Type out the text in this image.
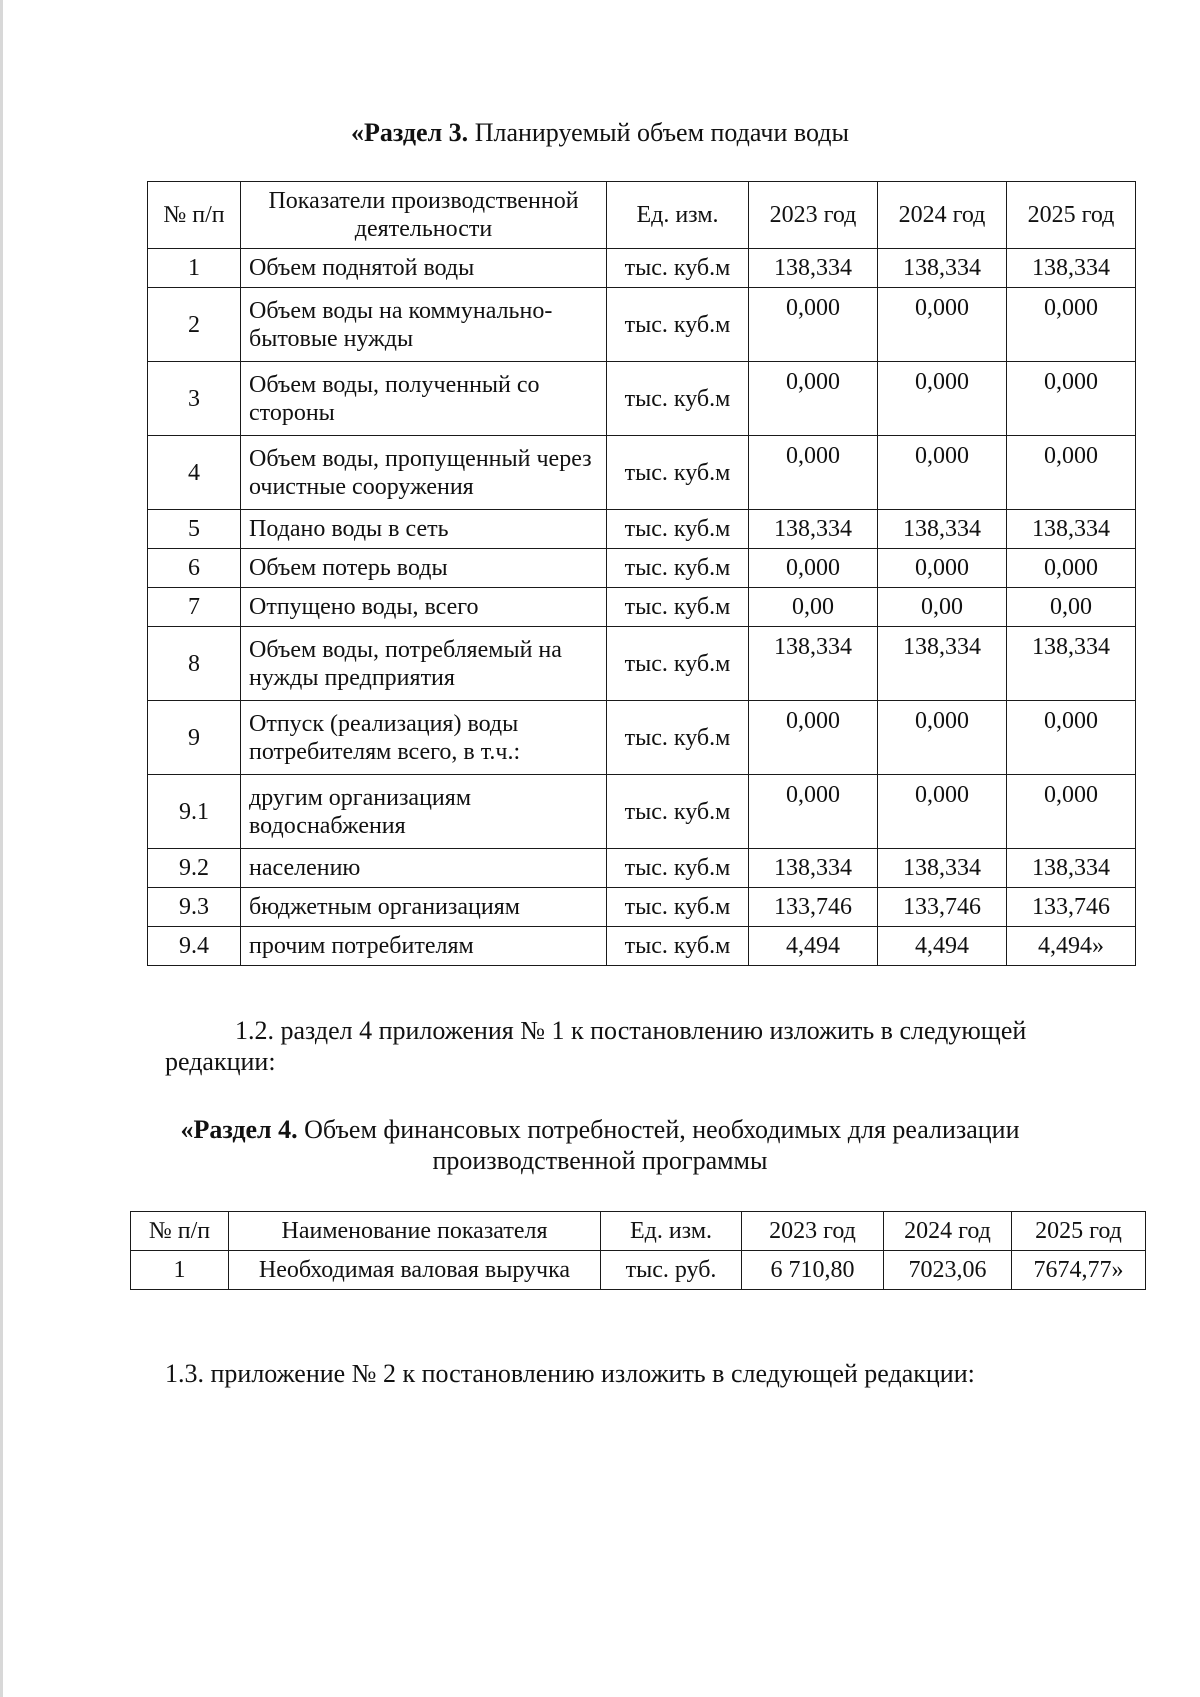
«Раздел 3. Планируемый объем подачи воды
№ п/п	Показатели производственной деятельности	Ед. изм.	2023 год	2024 год	2025 год
1	Объем поднятой воды	тыс. куб.м	138,334	138,334	138,334
2	Объем воды на коммунально-бытовые нужды	тыс. куб.м	0,000	0,000	0,000
3	Объем воды, полученный со стороны	тыс. куб.м	0,000	0,000	0,000
4	Объем воды, пропущенный через очистные сооружения	тыс. куб.м	0,000	0,000	0,000
5	Подано воды в сеть	тыс. куб.м	138,334	138,334	138,334
6	Объем потерь воды	тыс. куб.м	0,000	0,000	0,000
7	Отпущено воды, всего	тыс. куб.м	0,00	0,00	0,00
8	Объем воды, потребляемый на нужды предприятия	тыс. куб.м	138,334	138,334	138,334
9	Отпуск (реализация) воды потребителям всего, в т.ч.:	тыс. куб.м	0,000	0,000	0,000
9.1	другим организациям водоснабжения	тыс. куб.м	0,000	0,000	0,000
9.2	населению	тыс. куб.м	138,334	138,334	138,334
9.3	бюджетным организациям	тыс. куб.м	133,746	133,746	133,746
9.4	прочим потребителям	тыс. куб.м	4,494	4,494	4,494»
1.2. раздел 4 приложения № 1 к постановлению изложить в следующей редакции:
«Раздел 4. Объем финансовых потребностей, необходимых для реализации
производственной программы
№ п/п	Наименование показателя	Ед. изм.	2023 год	2024 год	2025 год
1	Необходимая валовая выручка	тыс. руб.	6 710,80	7023,06	7674,77»
1.3. приложение № 2 к постановлению изложить в следующей редакции:
